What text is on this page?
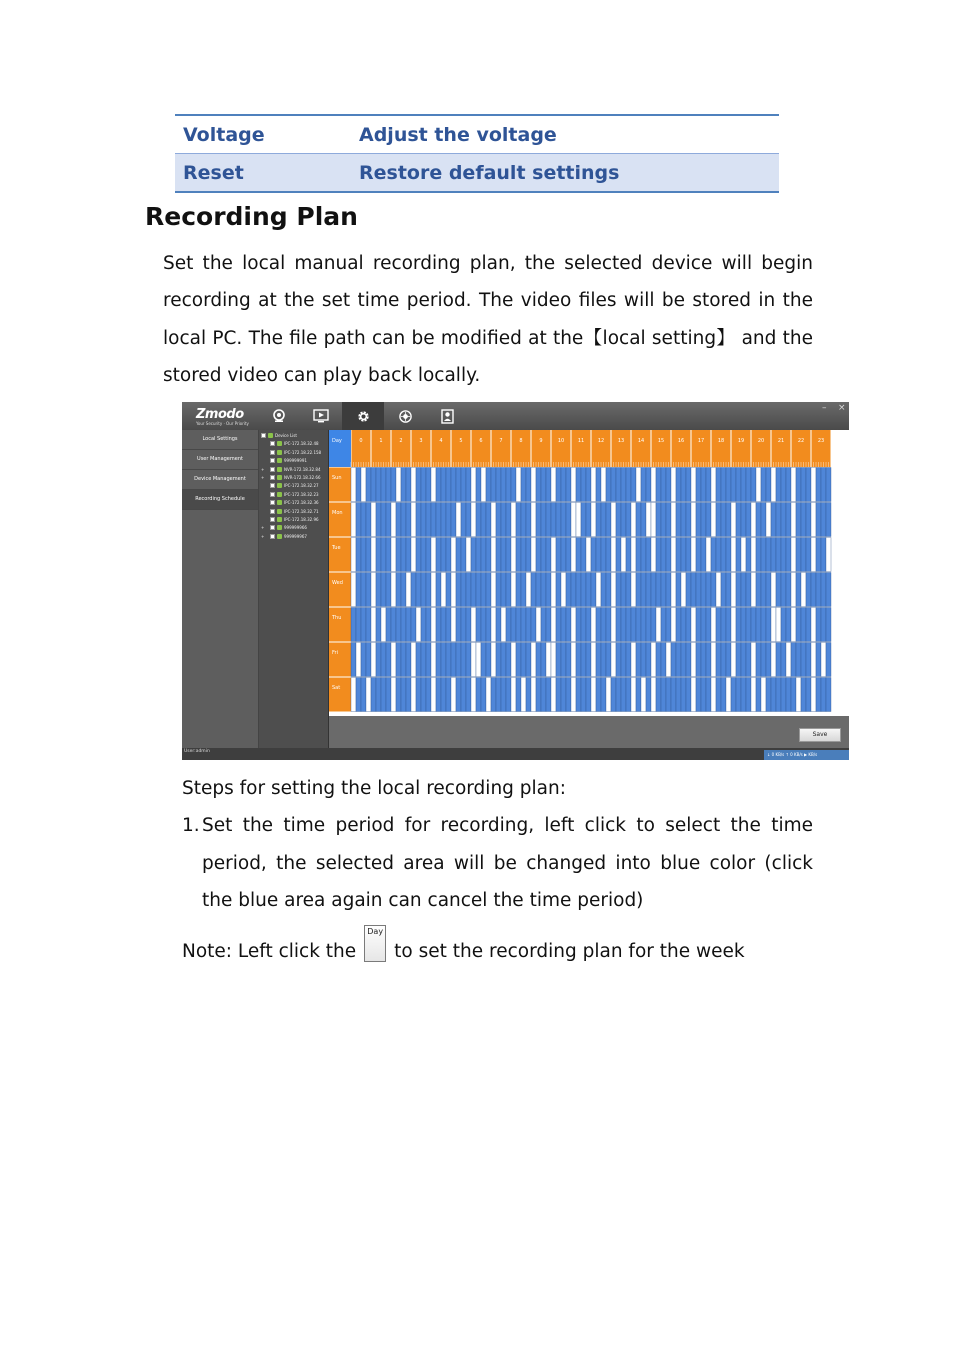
Voltage	Adjust the voltage
Reset	Restore default settings
Recording Plan
Set the local manual recording plan, the selected device will begin recording at the set time period. The video files will be stored in the local PC. The file path can be modified at the【local setting】 and the stored video can play back locally.
Zmodo
Your Security · Our Priority
– ×
Local Settings
User Management
Device Management
Recording Schedule
Device List
IPC-172.18.32.48
IPC-172.18.22.158
999999991
+	NVR-172.18.32.84
+	NVR-172.18.32.66
IPC-172.18.32.27
IPC-172.18.32.23
IPC-172.18.32.36
IPC-172.18.32.71
IPC-172.18.32.96
+	999999966
+	999999967
Day	0	1	2	3	4	5	6	7	8	9	10	11	12	13	14	15	16	17	18	19	20	21	22	23
Sun
Mon
Tue
Wed
Thu
Fri
Sat
Save
User:admin
↓ 0 KB/s ↑ 0 KB/s ▶ KB/s
Steps for setting the local recording plan:
1. Set the time period for recording, left click to select the time period, the selected area will be changed into blue color (click the blue area again can cancel the time period)
Note: Left click the
Day
to set the recording plan for the week
